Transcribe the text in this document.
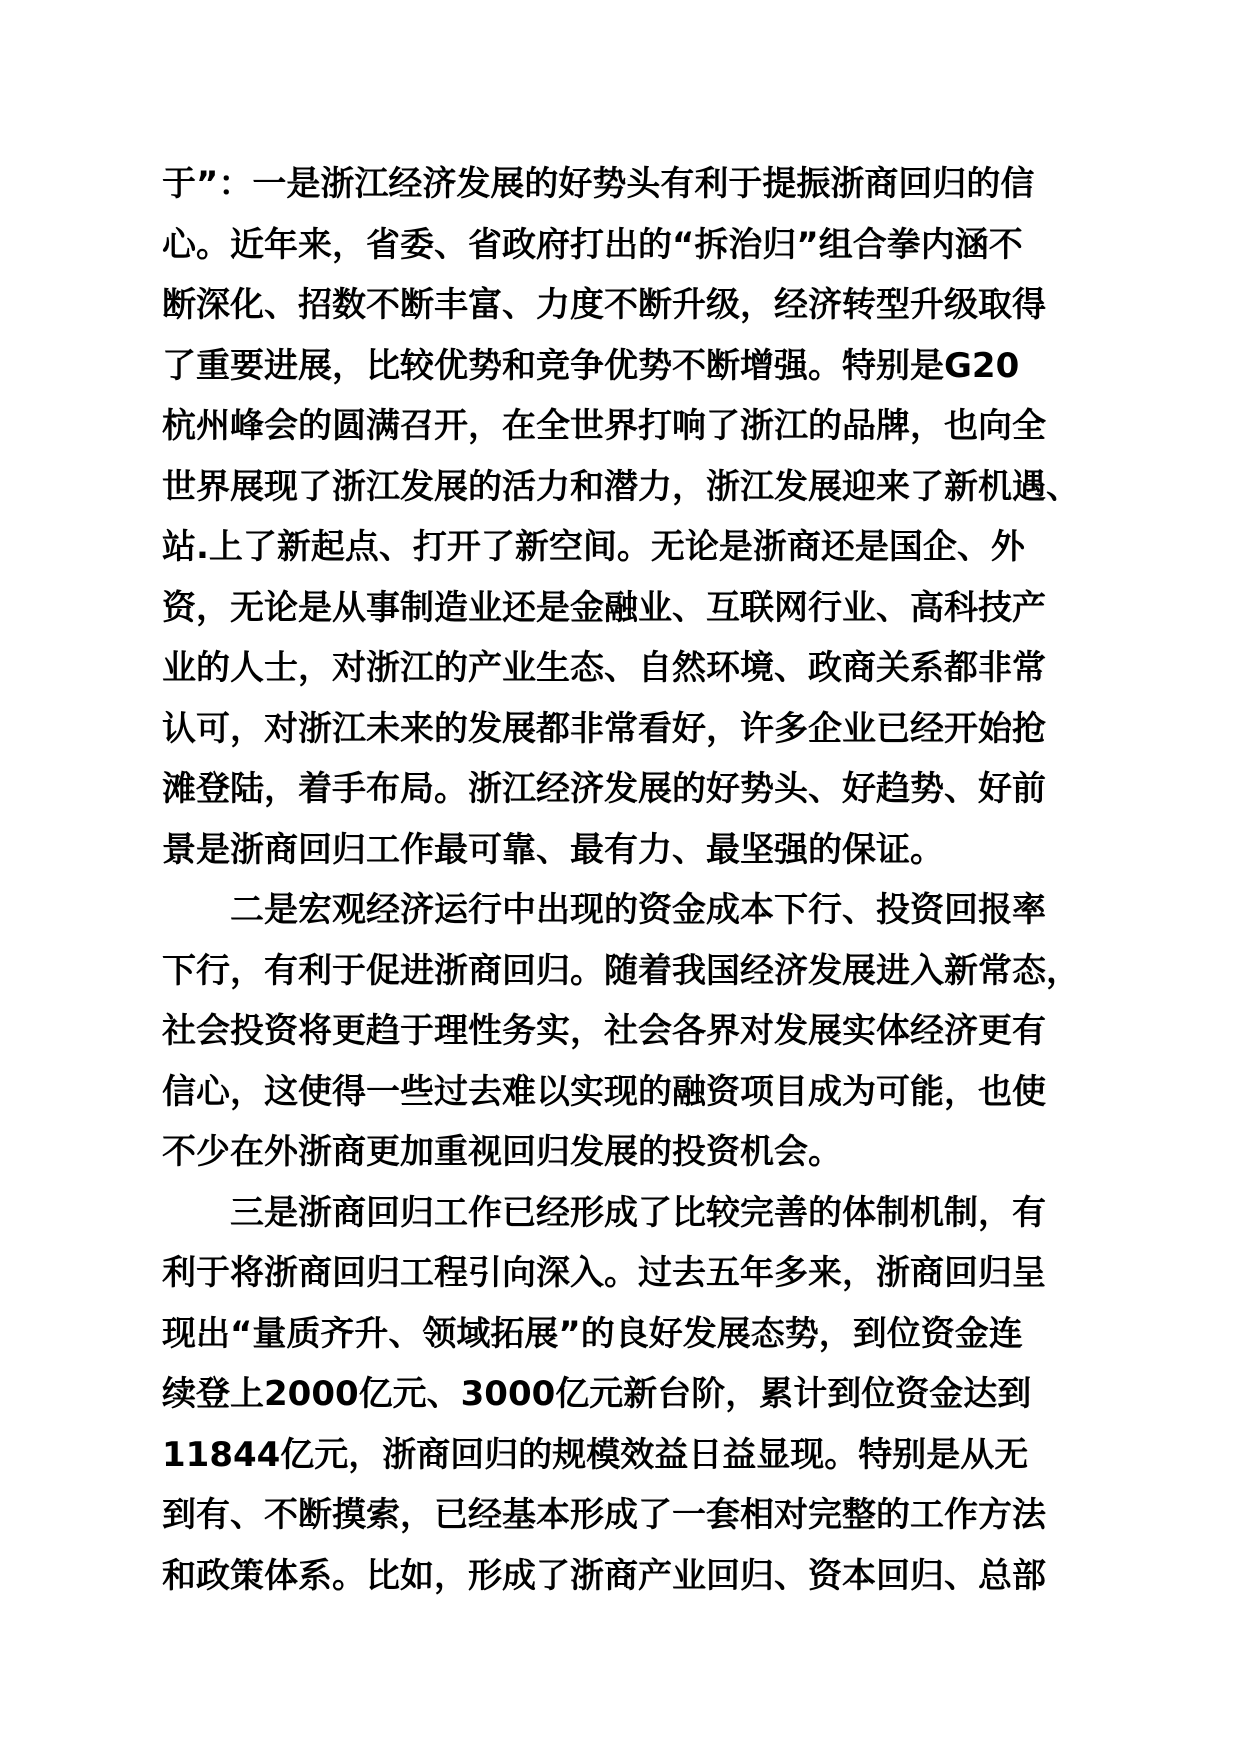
于”：一是浙江经济发展的好势头有利于提振浙商回归的信
心。近年来，省委、省政府打出的“拆治归”组合拳内涵不
断深化、招数不断丰富、力度不断升级，经济转型升级取得
了重要进展，比较优势和竞争优势不断增强。特别是G20
杭州峰会的圆满召开，在全世界打响了浙江的品牌，也向全
世界展现了浙江发展的活力和潜力，浙江发展迎来了新机遇、
站.上了新起点、打开了新空间。无论是浙商还是国企、外
资，无论是从事制造业还是金融业、互联网行业、高科技产
业的人士，对浙江的产业生态、自然环境、政商关系都非常
认可，对浙江未来的发展都非常看好，许多企业已经开始抢
滩登陆，着手布局。浙江经济发展的好势头、好趋势、好前
景是浙商回归工作最可靠、最有力、最坚强的保证。
二是宏观经济运行中出现的资金成本下行、投资回报率
下行，有利于促进浙商回归。随着我国经济发展进入新常态，
社会投资将更趋于理性务实，社会各界对发展实体经济更有
信心，这使得一些过去难以实现的融资项目成为可能，也使
不少在外浙商更加重视回归发展的投资机会。
三是浙商回归工作已经形成了比较完善的体制机制，有
利于将浙商回归工程引向深入。过去五年多来，浙商回归呈
现出“量质齐升、领域拓展”的良好发展态势，到位资金连
续登上2000亿元、3000亿元新台阶，累计到位资金达到
11844亿元，浙商回归的规模效益日益显现。特别是从无
到有、不断摸索，已经基本形成了一套相对完整的工作方法
和政策体系。比如，形成了浙商产业回归、资本回归、总部
